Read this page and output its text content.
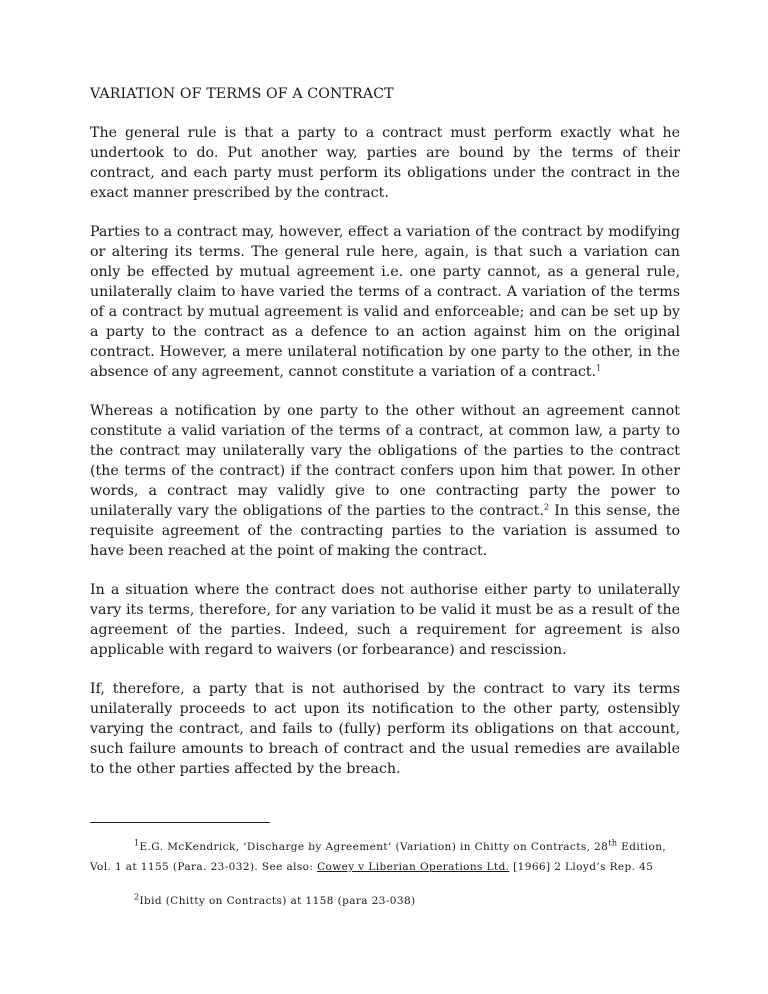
VARIATION OF TERMS OF A CONTRACT

The general rule is that a party to a contract must perform exactly what he undertook to do. Put another way, parties are bound by the terms of their contract, and each party must perform its obligations under the contract in the exact manner prescribed by the contract.

Parties to a contract may, however, effect a variation of the contract by modifying or altering its terms. The general rule here, again, is that such a variation can only be effected by mutual agreement i.e. one party cannot, as a general rule, unilaterally claim to have varied the terms of a contract. A variation of the terms of a contract by mutual agreement is valid and enforceable; and can be set up by a party to the contract as a defence to an action against him on the original contract. However, a mere unilateral notification by one party to the other, in the absence of any agreement, cannot constitute a variation of a contract.$^1$

Whereas a notification by one party to the other without an agreement cannot constitute a valid variation of the terms of a contract, at common law, a party to the contract may unilaterally vary the obligations of the parties to the contract (the terms of the contract) if the contract confers upon him that power. In other words, a contract may validly give to one contracting party the power to unilaterally vary the obligations of the parties to the contract.$^2$ In this sense, the requisite agreement of the contracting parties to the variation is assumed to have been reached at the point of making the contract.

In a situation where the contract does not authorise either party to unilaterally vary its terms, therefore, for any variation to be valid it must be as a result of the agreement of the parties. Indeed, such a requirement for agreement is also applicable with regard to waivers (or forbearance) and rescission.

If, therefore, a party that is not authorised by the contract to vary its terms unilaterally proceeds to act upon its notification to the other party, ostensibly varying the contract, and fails to (fully) perform its obligations on that account, such failure amounts to breach of contract and the usual remedies are available to the other parties affected by the breach.

$^1$E.G. McKendrick, ‘Discharge by Agreement’ (Variation) in Chitty on Contracts, 28th Edition, Vol. 1 at 1155 (Para. 23-032). See also: Cowey v Liberian Operations Ltd. [1966] 2 Lloyd’s Rep. 45

$^2$Ibid (Chitty on Contracts) at 1158 (para 23-038)
